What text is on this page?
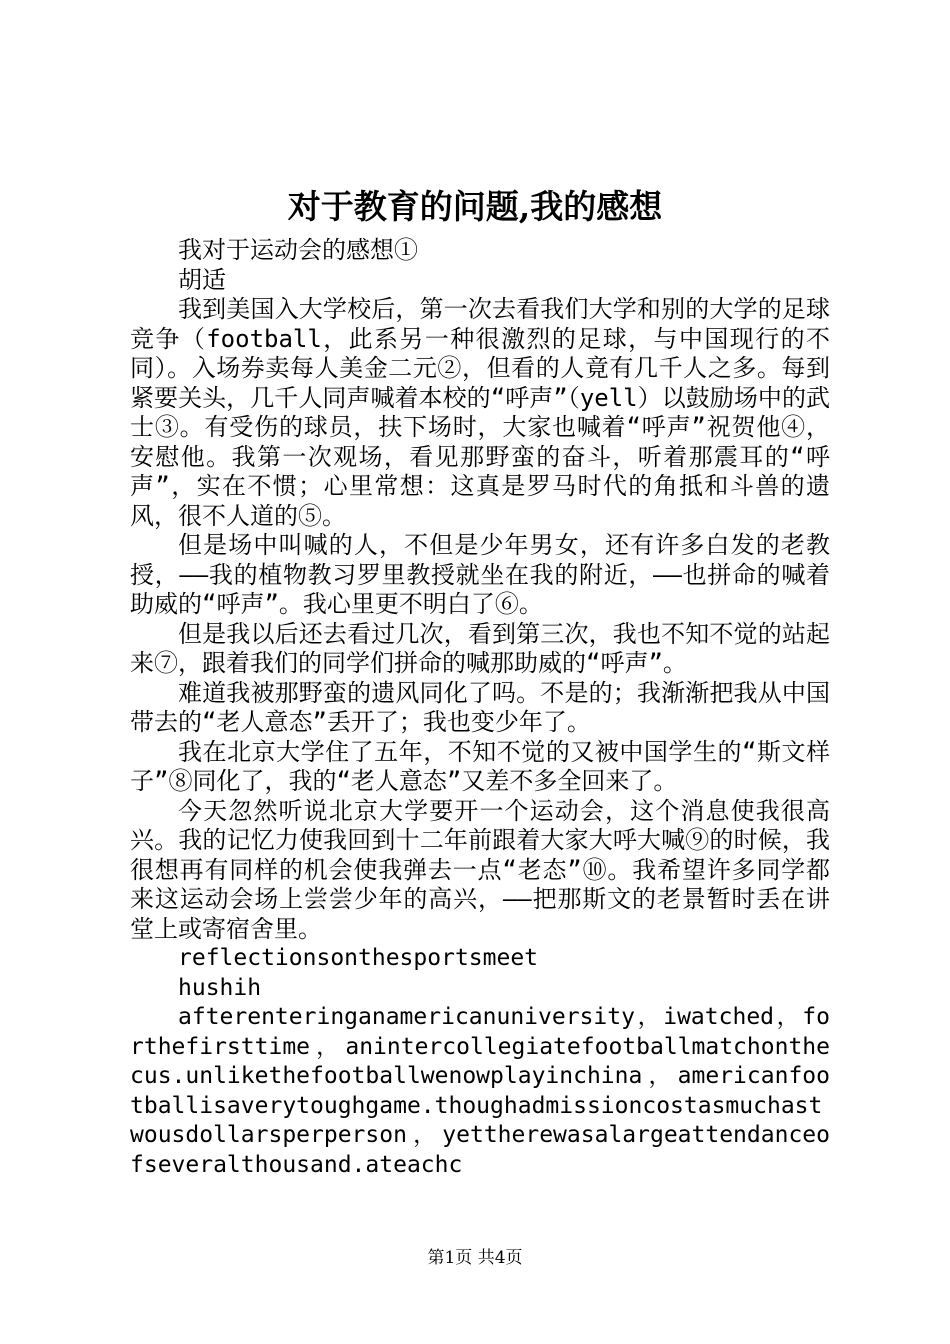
对于教育的问题,我的感想

我对于运动会的感想①

胡适

我到美国入大学校后，第一次去看我们大学和别的大学的足球竞争（football，此系另一种很激烈的足球，与中国现行的不同）。入场券卖每人美金二元②，但看的人竟有几千人之多。每到紧要关头，几千人同声喊着本校的“呼声”（yell）以鼓励场中的武士③。有受伤的球员，扶下场时，大家也喊着“呼声”祝贺他④，安慰他。我第一次观场，看见那野蛮的奋斗，听着那震耳的“呼声”，实在不惯；心里常想：这真是罗马时代的角抵和斗兽的遗风，很不人道的⑤。

但是场中叫喊的人，不但是少年男女，还有许多白发的老教授，——我的植物教习罗里教授就坐在我的附近，——也拼命的喊着助威的“呼声”。我心里更不明白了⑥。

但是我以后还去看过几次，看到第三次，我也不知不觉的站起来⑦，跟着我们的同学们拼命的喊那助威的“呼声”。

难道我被那野蛮的遗风同化了吗。不是的；我渐渐把我从中国带去的“老人意态”丢开了；我也变少年了。

我在北京大学住了五年，不知不觉的又被中国学生的“斯文样子”⑧同化了，我的“老人意态”又差不多全回来了。

今天忽然听说北京大学要开一个运动会，这个消息使我很高兴。我的记忆力使我回到十二年前跟着大家大呼大喊⑨的时候，我很想再有同样的机会使我弹去一点“老态”⑩。我希望许多同学都来这运动会场上尝尝少年的高兴，——把那斯文的老景暂时丢在讲堂上或寄宿舍里。

reflectionsonthesportsmeet

hushih

afterenteringanamericanuniversity，iwatched，forthefirsttime，anintercollegiatefootballmatchonthecus.unlikethefootballwenowplayinchina，americanfootballisaverytoughgame.thoughadmissioncostasmuchastwousdollarsperperson，yettherewasalargeattendanceofseveralthousand.ateachc

第1页 共4页
